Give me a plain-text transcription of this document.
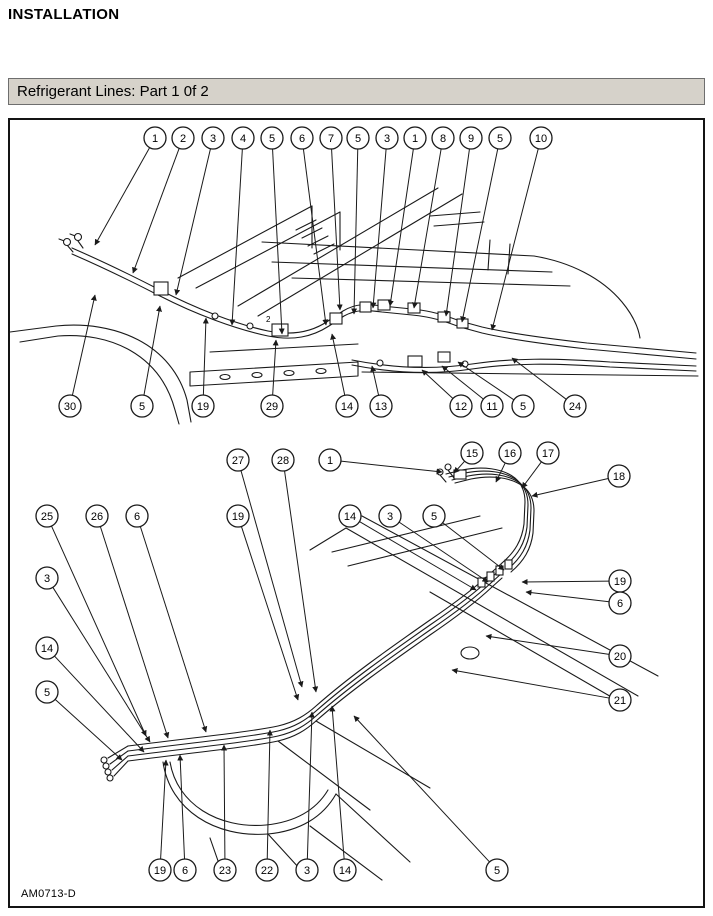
INSTALLATION
Refrigerant Lines: Part 1 0f 2
2
1 2 3 4 5 6 7 5 3 1 8 9 5	10
30	5	19	29	14 13	12 11 5	24
27	28	1
15 16 17
18
25	26	6	19	14	3	5
3
14
5
19
6
20
21
19 6	23	22	3	14	5
AM0713-D
